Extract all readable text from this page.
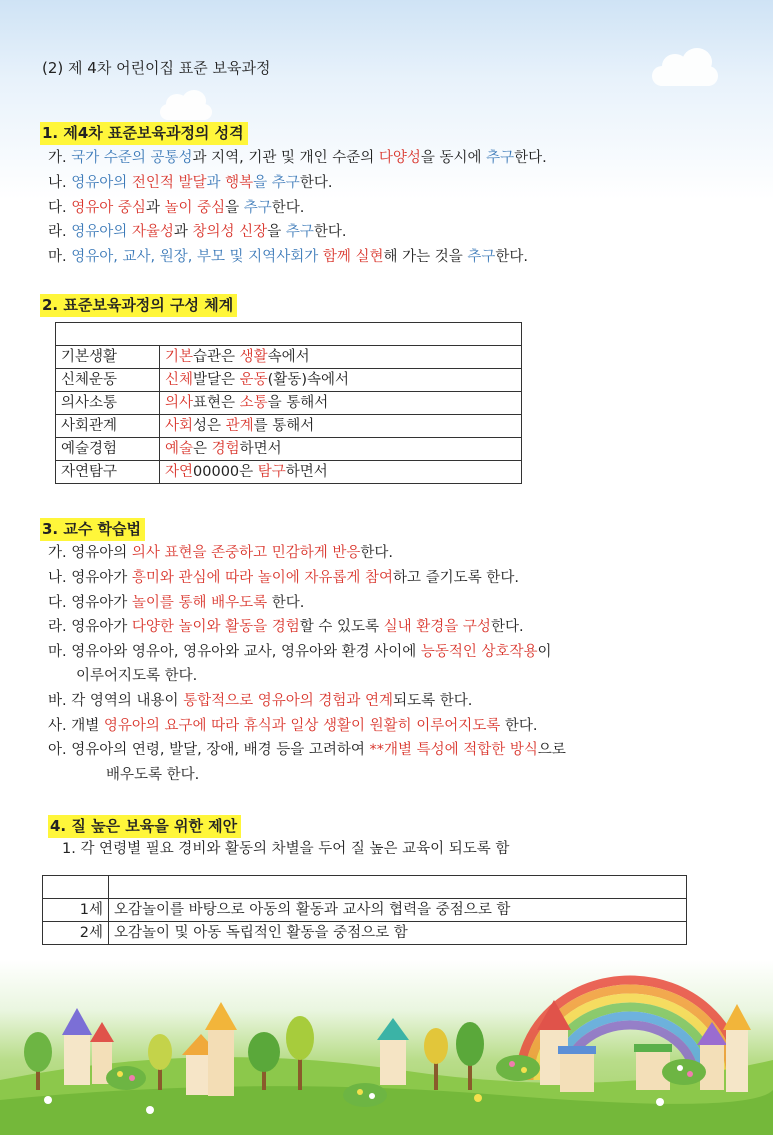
(2) 제 4차 어린이집 표준 보육과정
1. 제4차 표준보육과정의 성격
가. 국가 수준의 공통성과 지역, 기관 및 개인 수준의 다양성을 동시에 추구한다.
나. 영유아의 전인적 발달과 행복을 추구한다.
다. 영유아 중심과 놀이 중심을 추구한다.
라. 영유아의 자율성과 창의성 신장을 추구한다.
마. 영유아, 교사, 원장, 부모 및 지역사회가 함께 실현해 가는 것을 추구한다.
2. 표준보육과정의 구성 체계

기본생활	기본습관은 생활속에서
신체운동	신체발달은 운동(활동)속에서
의사소통	의사표현은 소통을 통해서
사회관계	사회성은 관계를 통해서
예술경험	예술은 경험하면서
자연탐구	자연00000은 탐구하면서
3. 교수 학습법
가. 영유아의 의사 표현을 존중하고 민감하게 반응한다.
나. 영유아가 흥미와 관심에 따라 놀이에 자유롭게 참여하고 즐기도록 한다.
다. 영유아가 놀이를 통해 배우도록 한다.
라. 영유아가 다양한 놀이와 활동을 경험할 수 있도록 실내 환경을 구성한다.
마. 영유아와 영유아, 영유아와 교사, 영유아와 환경 사이에 능동적인 상호작용이
이루어지도록 한다.
바. 각 영역의 내용이 통합적으로 영유아의 경험과 연계되도록 한다.
사. 개별 영유아의 요구에 따라 휴식과 일상 생활이 원활히 이루어지도록 한다.
아. 영유아의 연령, 발달, 장애, 배경 등을 고려하여 **개별 특성에 적합한 방식으로
배우도록 한다.
4. 질 높은 보육을 위한 제안
1. 각 연령별 필요 경비와 활동의 차별을 두어 질 높은 교육이 되도록 함

1세	오감놀이를 바탕으로 아동의 활동과 교사의 협력을 중점으로 함
2세	오감놀이 및 아동 독립적인 활동을 중점으로 함
